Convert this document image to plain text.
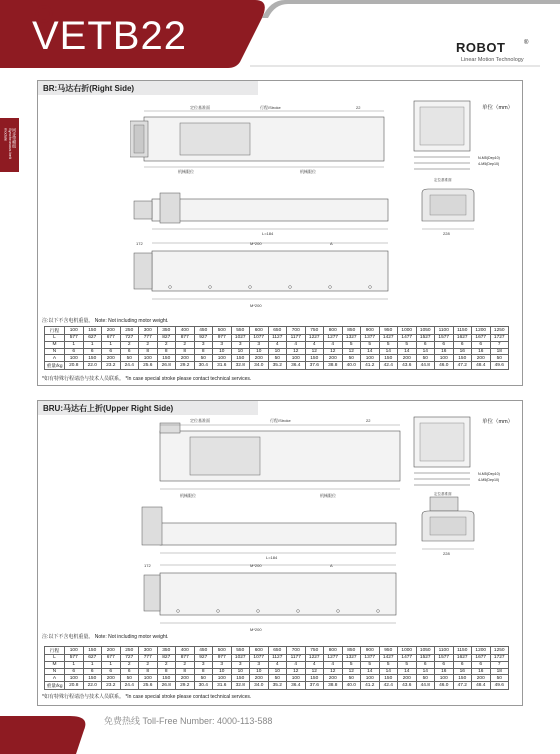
VETB22	ROBOT	®
Linear Motion Technology
同步带模组 Synchronous belt module
BR:马达右折(Right Side)
单位（mm）
定位基准面	行程/Stroke	22
机械限位	机械限位
定位基准面
N-M5(Dep10)
4-M5(Dep10)
L=184	228
172	M*200	A
M*200
注:以下不含电机重量。 Note: Not including motor weight.
行程	100	150	200	250	300	350	400	450	500	550	600	650	700	750	800	850	900	950	1000	1050	1100	1150	1200	1250
L	577	627	677	727	777	827	877	927	977	1027	1077	1127	1177	1227	1277	1327	1377	1427	1477	1527	1577	1627	1677	1727
M	1	1	1	2	2	2	2	3	3	3	3	4	4	4	4	5	5	5	5	6	6	6	6	7
N	6	6	6	6	8	8	8	8	10	10	10	10	12	12	12	12	14	14	14	14	16	16	16	18
A	100	150	200	50	100	150	200	50	100	150	200	50	100	150	200	50	100	150	200	50	100	150	200	50
重量/kg	20.8	22.0	23.2	24.4	25.6	26.8	29.2	30.4	31.6	32.8	34.0	35.2	36.4	37.6	38.8	40.0	41.2	42.4	43.6	44.8	46.0	47.2	48.4	49.6
*如有特殊行程请洽与技术人员联系。 *In case special stroke please contact technical services.
BRU:马达右上折(Upper Right Side)
单位（mm）
定位基准面	行程/Stroke	22
机械限位	机械限位	定位基准面
N-M5(Dep10)
4-M5(Dep10)
L=184
228
172	M*200	A
M*200
注:以下不含电机重量。 Note: Not including motor weight.
行程	100	150	200	250	300	350	400	450	500	550	600	650	700	750	800	850	900	950	1000	1050	1100	1150	1200	1250
L	577	627	677	727	777	827	877	927	977	1027	1077	1127	1177	1227	1277	1327	1377	1427	1477	1527	1577	1627	1677	1727
M	1	1	1	2	2	2	2	3	3	3	3	4	4	4	4	5	5	5	5	6	6	6	6	7
N	6	6	6	6	8	8	8	8	10	10	10	10	12	12	12	12	14	14	14	14	16	16	16	18
A	100	150	200	50	100	150	200	50	100	150	200	50	100	150	200	50	100	150	200	50	100	150	200	50
重量/kg	20.8	22.0	23.2	24.4	25.6	26.8	29.2	30.4	31.6	32.8	34.0	35.2	36.4	37.6	38.8	40.0	41.2	42.4	43.6	44.8	46.0	47.2	48.4	49.6
*如有特殊行程请洽与技术人员联系。 *In case special stroke please contact technical services.
免费热线 Toll-Free Number: 4000-113-588
